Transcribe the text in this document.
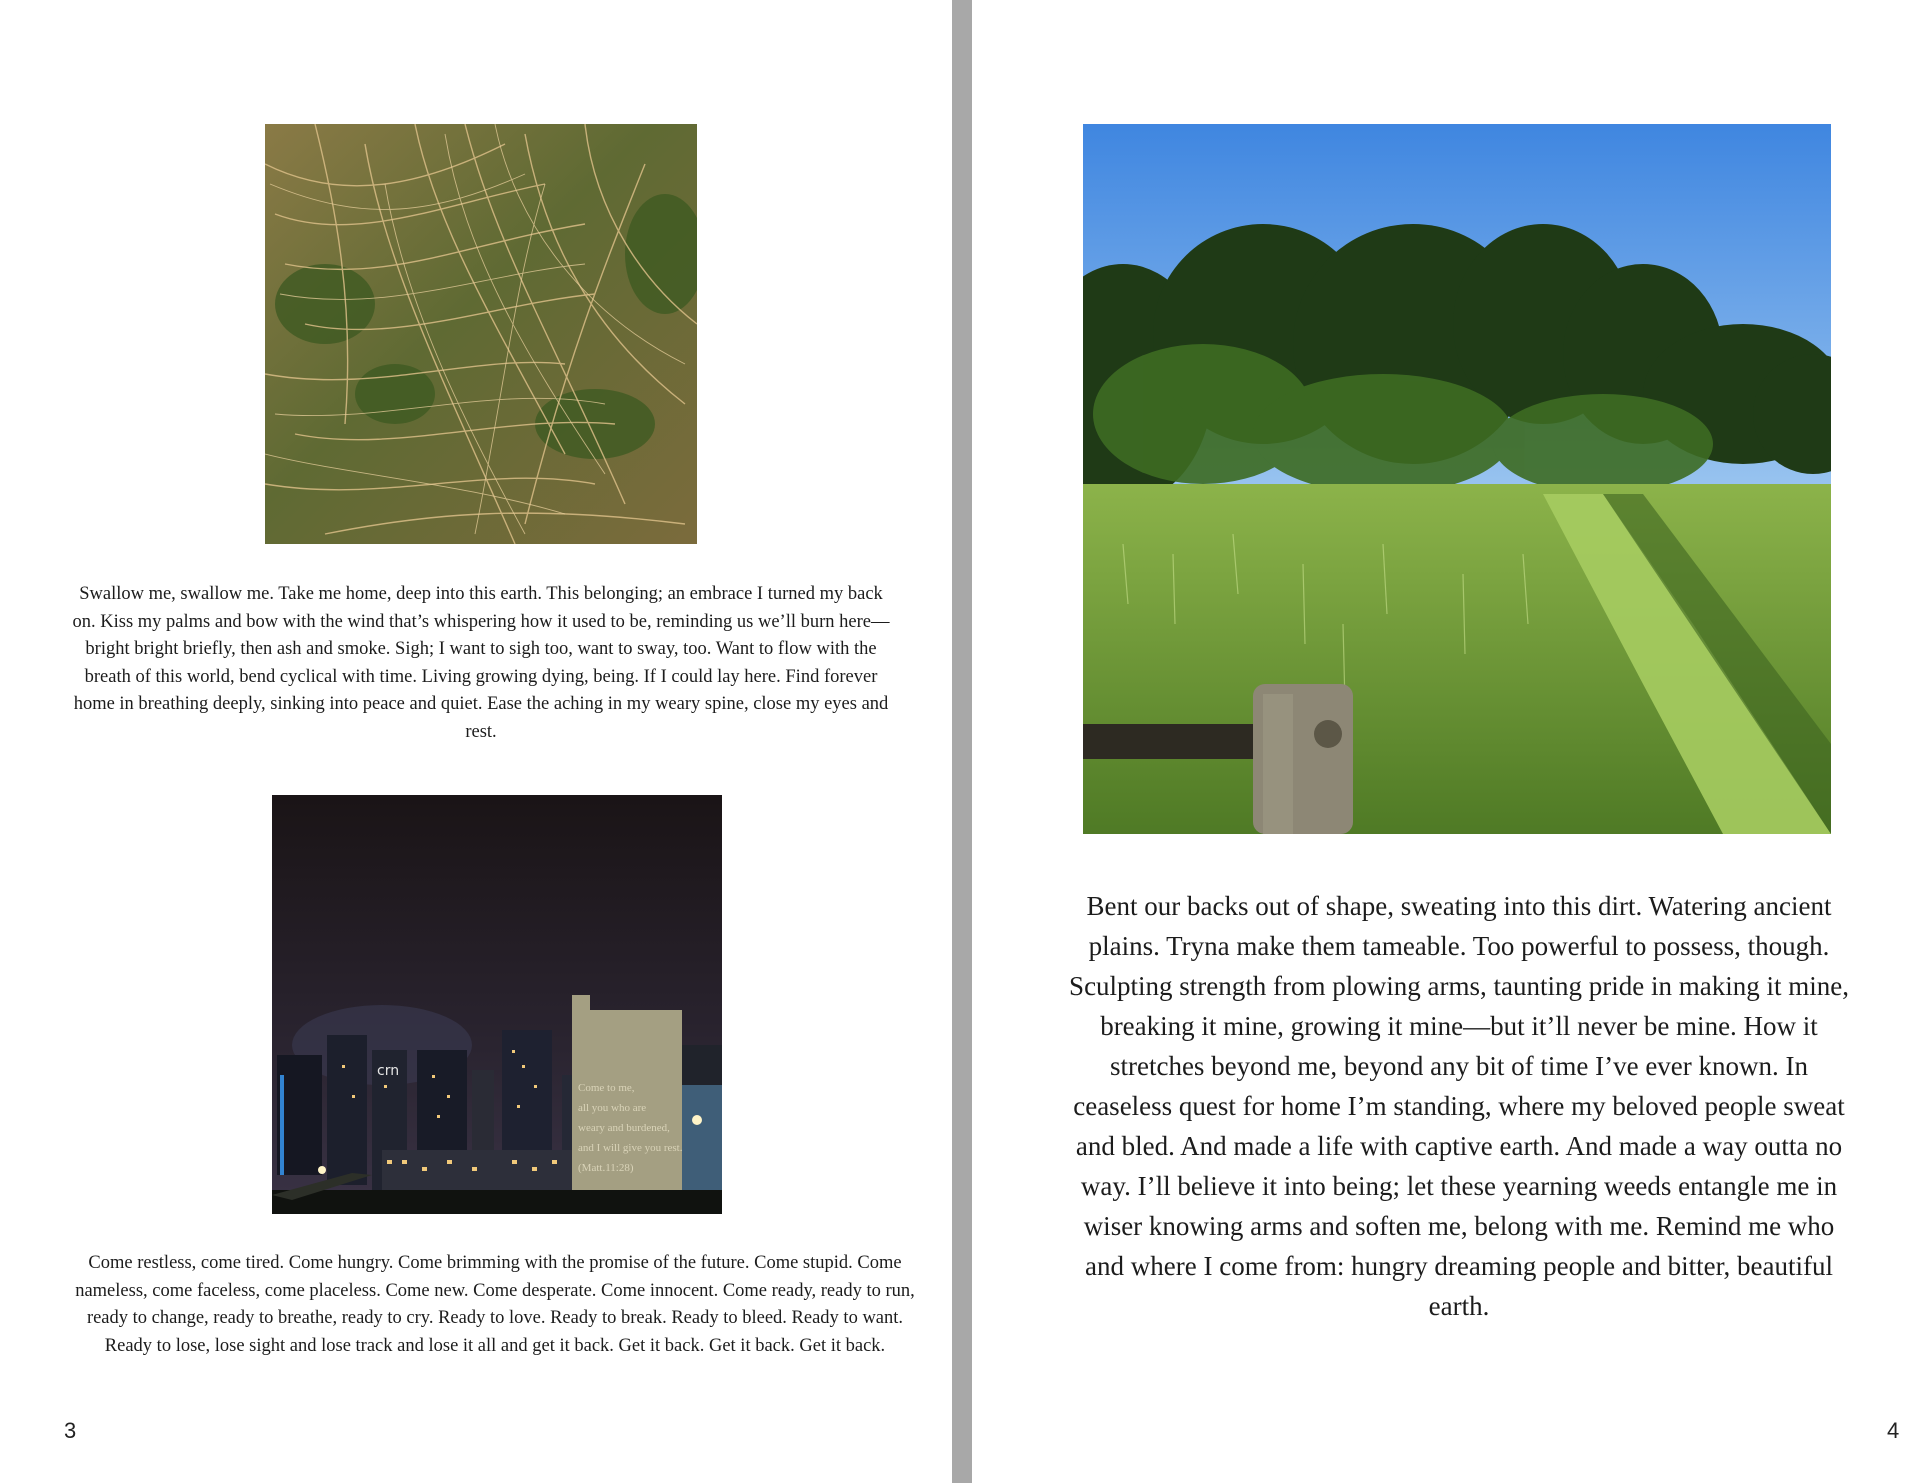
Swallow me, swallow me. Take me home, deep into this earth. This belonging; an embrace I turned my back on. Kiss my palms and bow with the wind that’s whispering how it used to be, reminding us we’ll burn here—bright bright briefly, then ash and smoke. Sigh; I want to sigh too, want to sway, too. Want to flow with the breath of this world, bend cyclical with time. Living growing dying, being. If I could lay here. Find forever home in breathing deeply, sinking into peace and quiet. Ease the aching in my weary spine, close my eyes and rest.

crn
Come to me,
all you who are
weary and burdened,
and I will give you rest.
(Matt.11:28)

Come restless, come tired. Come hungry. Come brimming with the promise of the future. Come stupid. Come nameless, come faceless, come placeless. Come new. Come desperate. Come innocent. Come ready, ready to run, ready to change, ready to breathe, ready to cry. Ready to love. Ready to break. Ready to bleed. Ready to want. Ready to lose, lose sight and lose track and lose it all and get it back. Get it back. Get it back. Get it back.

3

Bent our backs out of shape, sweating into this dirt. Watering ancient plains. Tryna make them tameable. Too powerful to possess, though. Sculpting strength from plowing arms, taunting pride in making it mine, breaking it mine, growing it mine—but it’ll never be mine. How it stretches beyond me, beyond any bit of time I’ve ever known. In ceaseless quest for home I’m standing, where my beloved people sweat and bled. And made a life with captive earth. And made a way outta no way. I’ll believe it into being; let these yearning weeds entangle me in wiser knowing arms and soften me, belong with me. Remind me who and where I come from: hungry dreaming people and bitter, beautiful earth.

4
